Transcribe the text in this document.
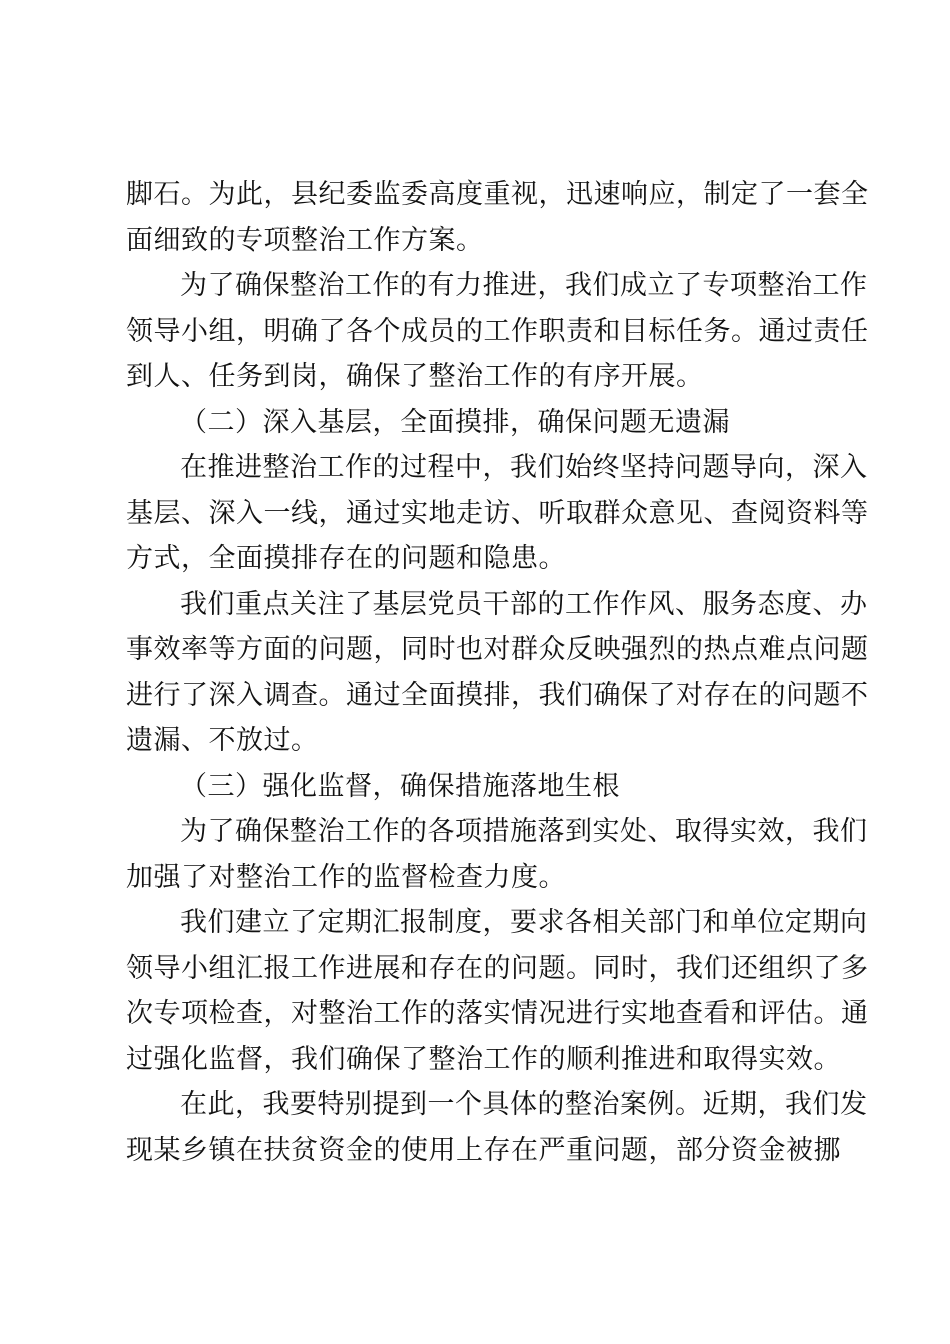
脚石。为此，县纪委监委高度重视，迅速响应，制定了一套全
面细致的专项整治工作方案。
为了确保整治工作的有力推进，我们成立了专项整治工作
领导小组，明确了各个成员的工作职责和目标任务。通过责任
到人、任务到岗，确保了整治工作的有序开展。
（二）深入基层，全面摸排，确保问题无遗漏
在推进整治工作的过程中，我们始终坚持问题导向，深入
基层、深入一线，通过实地走访、听取群众意见、查阅资料等
方式，全面摸排存在的问题和隐患。
我们重点关注了基层党员干部的工作作风、服务态度、办
事效率等方面的问题，同时也对群众反映强烈的热点难点问题
进行了深入调查。通过全面摸排，我们确保了对存在的问题不
遗漏、不放过。
（三）强化监督，确保措施落地生根
为了确保整治工作的各项措施落到实处、取得实效，我们
加强了对整治工作的监督检查力度。
我们建立了定期汇报制度，要求各相关部门和单位定期向
领导小组汇报工作进展和存在的问题。同时，我们还组织了多
次专项检查，对整治工作的落实情况进行实地查看和评估。通
过强化监督，我们确保了整治工作的顺利推进和取得实效。
在此，我要特别提到一个具体的整治案例。近期，我们发
现某乡镇在扶贫资金的使用上存在严重问题，部分资金被挪
